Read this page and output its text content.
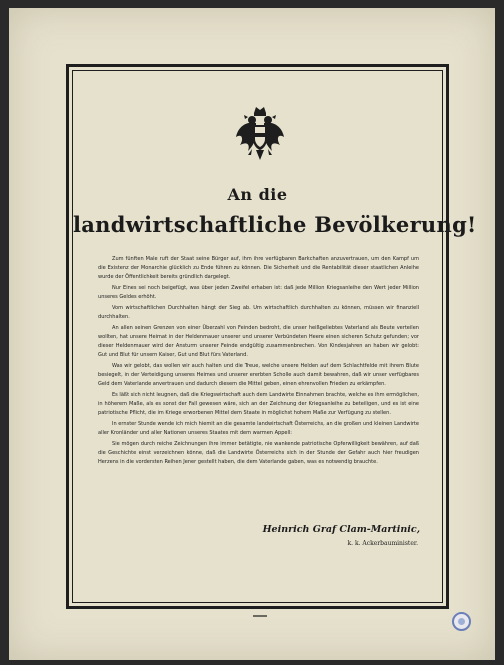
An die
landwirtschaftliche Bevölkerung!

Zum fünften Male ruft der Staat seine Bürger auf, ihm ihre verfügbaren Barkchaften anzuvertrauen, um den Kampf um die Existenz der Monarchie glücklich zu Ende führen zu können. Die Sicherheit und die Rentabilität dieser staatlichen Anleihe wurde der Öffentlichkeit bereits gründlich dargelegt.

Nur Eines sei noch beigefügt, was über jeden Zweifel erhaben ist: daß jede Million Kriegsanleihe den Wert jeder Million unseres Geldes erhöht.

Vom wirtschaftlichen Durchhalten hängt der Sieg ab. Um wirtschaftlich durchhalten zu können, müssen wir finanziell durchhalten.

An allen seinen Grenzen von einer Überzahl von Feinden bedroht, die unser heißgeliebtes Vaterland als Beute verteilen wollten, hat unsere Heimat in der Heldenmauer unserer und unserer Verbündeten Heere einen sicheren Schutz gefunden; vor dieser Heldenmauer wird der Ansturm unserer Feinde endgültig zusammenbrechen. Von Kindesjahren an haben wir gelobt: Gut und Blut für unsern Kaiser, Gut und Blut fürs Vaterland.

Was wir gelobt, das wollen wir auch halten und die Treue, welche unsere Helden auf dem Schlachtfelde mit ihrem Blute besiegelt, in der Verteidigung unseres Heimes und unserer ererbten Scholle auch damit bewahren, daß wir unser verfügbares Geld dem Vaterlande anvertrauen und dadurch diesem die Mittel geben, einen ehrenvollen Frieden zu erkämpfen.

Es läßt sich nicht leugnen, daß die Kriegswirtschaft auch dem Landwirte Einnahmen brachte, welche es ihm ermöglichen, in höherem Maße, als es sonst der Fall gewesen wäre, sich an der Zeichnung der Kriegsanleihe zu beteiligen, und es ist eine patriotische Pflicht, die im Kriege erworbenen Mittel dem Staate in möglichst hohem Maße zur Verfügung zu stellen.

In ernster Stunde wende ich mich hiemit an die gesamte landwirtschaft Österreichs, an die großen und kleinen Landwirte aller Kronländer und aller Nationen unseres Staates mit dem warmen Appell:

Sie mögen durch reiche Zeichnungen ihre immer betätigte, nie wankende patriotische Opferwilligkeit bewähren, auf daß die Geschichte einst verzeichnen könne, daß die Landwirte Österreichs sich in der Stunde der Gefahr auch hier freudigen Herzens in die vordersten Reihen Jener gestellt haben, die dem Vaterlande gaben, was es notwendig brauchte.

Heinrich Graf Clam-Martinic,
k. k. Ackerbauminister.
